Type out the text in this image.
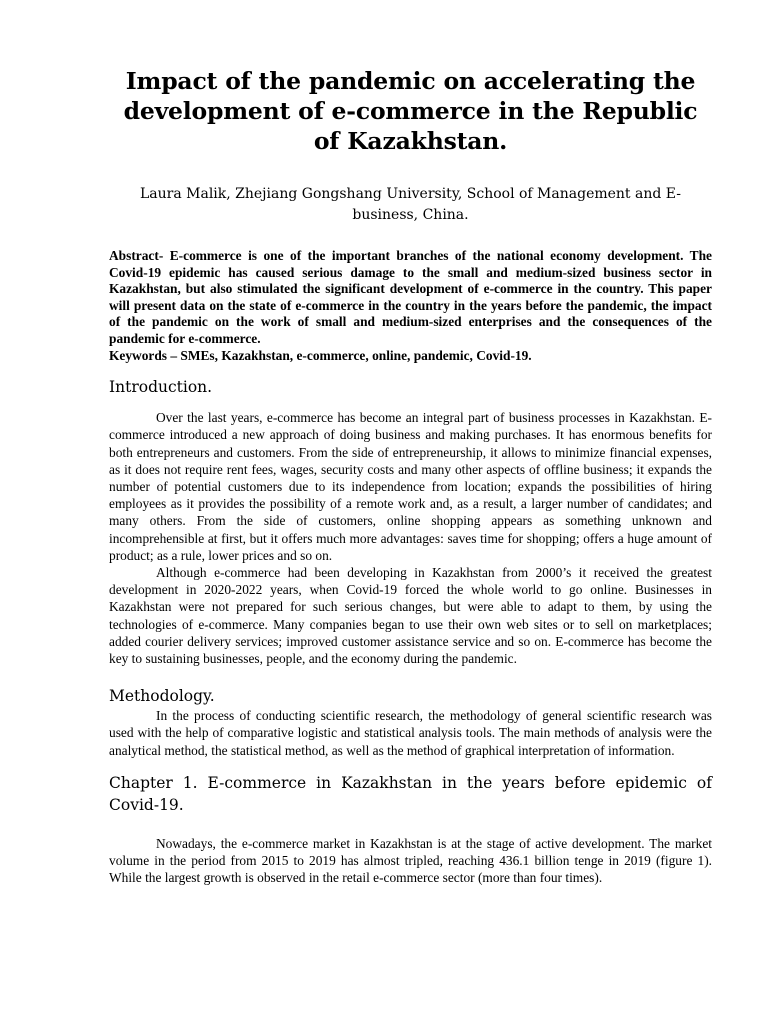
Impact of the pandemic on accelerating the development of e-commerce in the Republic of Kazakhstan.

Laura Malik, Zhejiang Gongshang University, School of Management and E-business, China.

Abstract- E-commerce is one of the important branches of the national economy development. The Covid-19 epidemic has caused serious damage to the small and medium-sized business sector in Kazakhstan, but also stimulated the significant development of e-commerce in the country. This paper will present data on the state of e-commerce in the country in the years before the pandemic, the impact of the pandemic on the work of small and medium-sized enterprises and the consequences of the pandemic for e-commerce.

Keywords – SMEs, Kazakhstan, e-commerce, online, pandemic, Covid-19.

Introduction.

Over the last years, e-commerce has become an integral part of business processes in Kazakhstan. E-commerce introduced a new approach of doing business and making purchases. It has enormous benefits for both entrepreneurs and customers. From the side of entrepreneurship, it allows to minimize financial expenses, as it does not require rent fees, wages, security costs and many other aspects of offline business; it expands the number of potential customers due to its independence from location; expands the possibilities of hiring employees as it provides the possibility of a remote work and, as a result, a larger number of candidates; and many others. From the side of customers, online shopping appears as something unknown and incomprehensible at first, but it offers much more advantages: saves time for shopping; offers a huge amount of product; as a rule, lower prices and so on.

Although e-commerce had been developing in Kazakhstan from 2000’s it received the greatest development in 2020-2022 years, when Covid-19 forced the whole world to go online. Businesses in Kazakhstan were not prepared for such serious changes, but were able to adapt to them, by using the technologies of e-commerce. Many companies began to use their own web sites or to sell on marketplaces; added courier delivery services; improved customer assistance service and so on. E-commerce has become the key to sustaining businesses, people, and the economy during the pandemic.

Methodology.

In the process of conducting scientific research, the methodology of general scientific research was used with the help of comparative logistic and statistical analysis tools. The main methods of analysis were the analytical method, the statistical method, as well as the method of graphical interpretation of information.

Chapter 1. E-commerce in Kazakhstan in the years before epidemic of Covid-19.

Nowadays, the e-commerce market in Kazakhstan is at the stage of active development. The market volume in the period from 2015 to 2019 has almost tripled, reaching 436.1 billion tenge in 2019 (figure 1). While the largest growth is observed in the retail e-commerce sector (more than four times).
